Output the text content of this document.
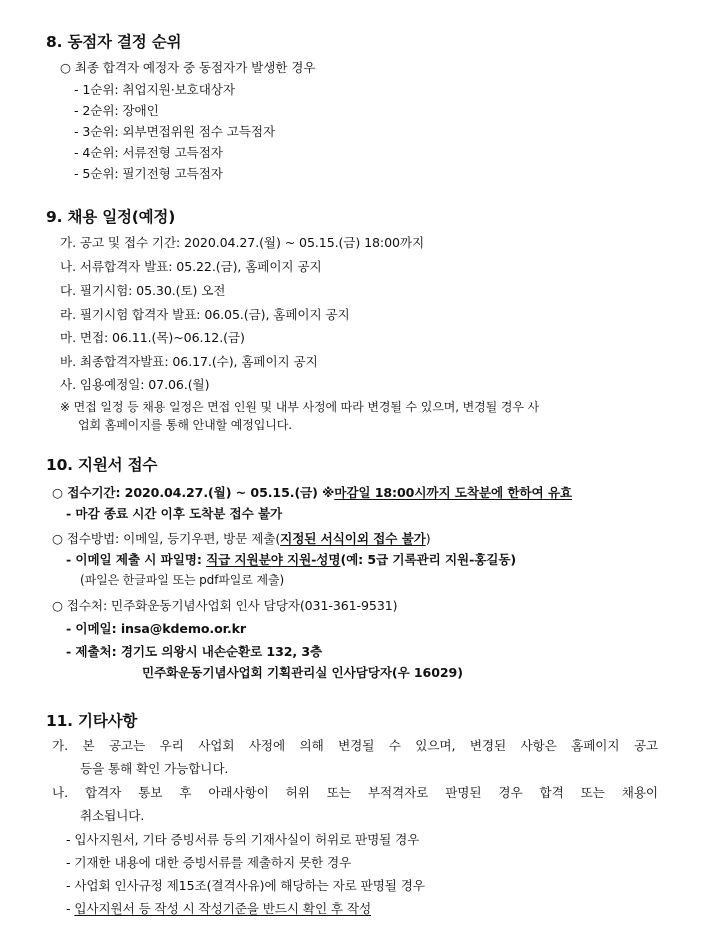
8. 동점자 결정 순위
○ 최종 합격자 예정자 중 동점자가 발생한 경우
- 1순위: 취업지원·보호대상자
- 2순위: 장애인
- 3순위: 외부면접위원 점수 고득점자
- 4순위: 서류전형 고득점자
- 5순위: 필기전형 고득점자
9. 채용 일정(예정)
가. 공고 및 접수 기간: 2020.04.27.(월) ~ 05.15.(금) 18:00까지
나. 서류합격자 발표: 05.22.(금), 홈페이지 공지
다. 필기시험: 05.30.(토) 오전
라. 필기시험 합격자 발표: 06.05.(금), 홈페이지 공지
마. 면접: 06.11.(목)~06.12.(금)
바. 최종합격자발표: 06.17.(수), 홈페이지 공지
사. 임용예정일: 07.06.(월)
※ 면접 일정 등 채용 일정은 면접 인원 및 내부 사정에 따라 변경될 수 있으며, 변경될 경우 사
업회 홈페이지를 통해 안내할 예정입니다.
10. 지원서 접수
○ 접수기간: 2020.04.27.(월) ~ 05.15.(금) ※마감일 18:00시까지 도착분에 한하여 유효
- 마감 종료 시간 이후 도착분 접수 불가
○ 접수방법: 이메일, 등기우편, 방문 제출(지정된 서식이외 접수 불가)
- 이메일 제출 시 파일명: 직급 지원분야 지원-성명(예: 5급 기록관리 지원-홍길동)
(파일은 한글파일 또는 pdf파일로 제출)
○ 접수처: 민주화운동기념사업회 인사 담당자(031-361-9531)
- 이메일: insa@kdemo.or.kr
- 제출처: 경기도 의왕시 내손순환로 132, 3층
민주화운동기념사업회 기획관리실 인사담당자(우 16029)
11. 기타사항
가. 본 공고는 우리 사업회 사정에 의해 변경될 수 있으며, 변경된 사항은 홈페이지 공고
등을 통해 확인 가능합니다.
나. 합격자 통보 후 아래사항이 허위 또는 부적격자로 판명된 경우 합격 또는 채용이
취소됩니다.
- 입사지원서, 기타 증빙서류 등의 기재사실이 허위로 판명될 경우
- 기재한 내용에 대한 증빙서류를 제출하지 못한 경우
- 사업회 인사규정 제15조(결격사유)에 해당하는 자로 판명될 경우
- 입사지원서 등 작성 시 작성기준을 반드시 확인 후 작성
